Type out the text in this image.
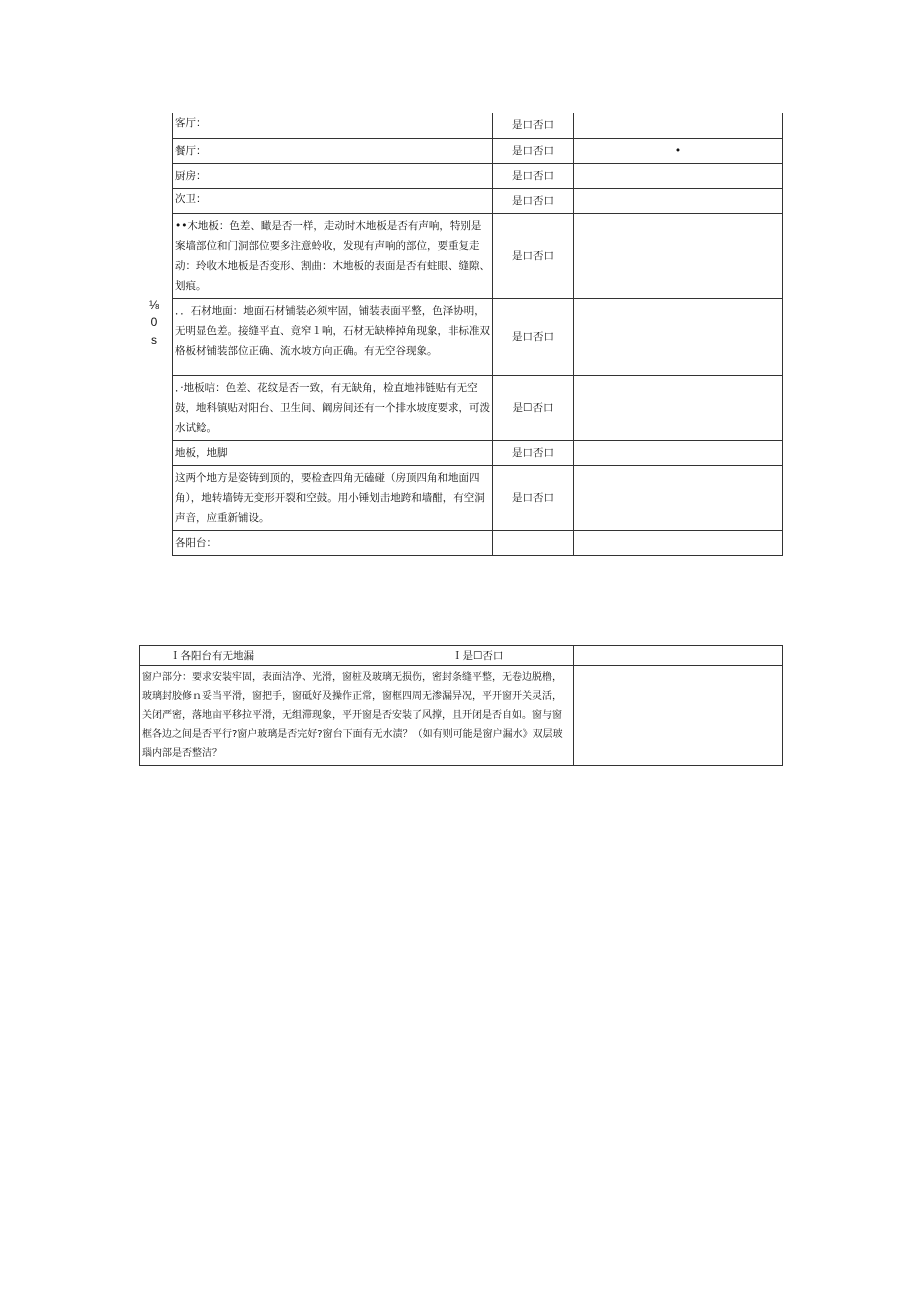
⅛
0
s
客厅：	是口否口	
餐厅：	是口否口	•
厨房：	是口否口	
次卫：	是口否口	
••木地板：色差、瞰是否一样，走动时木地板是否有声响，特别是案墙部位和门洞部位要多注意蛉收，发现有声响的部位，要重复走动：玲收木地板是否变形、割曲：木地板的表面是否有蛀眼、缝隙、划痕。	是口否口	
．．石材地面：地面石材铺装必须牢固，铺装表面平整，色泽协明，无明显色差。接缝平直、竟窄１响，石材无缺棒掉角现象，非标准双格板材铺装部位正确、流水坡方向正确。有无空谷现象。	是口否口	
．·地板唁：色差、花纹是否一致，有无缺角，检直地祎链贴有无空鼓，地科镇贴对阳台、卫生间、阚房间还有一个排水坡度要求，可泼水试鲶。	是☐否口	
地板，地脚	是口否口	
这两个地方是姿铸到顶的，要检查四角无磕碰（房顶四角和地面四角），地转墙铸无变形开裂和空鼓。用小锤划击地跨和墙酣，有空洞声音，应重新铺设。	是口否口	
各阳台：		
Ｉ各阳台有无地漏 Ｉ是☐否口	
窗户部分：要求安装牢固，表面洁净、光滑，窗桩及玻璃无损伤，密封条缝平整，无卷边脱橹，玻璃封胶修ｎ妥当平滑，窗把手，窗砥好及操作正常，窗框四周无渗漏异况，平开窗开关灵活，关闭严密，落地亩平移拉平滑，无组滞现象，平开窗是否安装了风撑，且开闭是否自如。窗与窗框各边之间是否平行?窗户玻璃是否完好?窗台下面有无水渍？（如有则可能是窗户漏水》双层玻瑙内部是否整洁？	
